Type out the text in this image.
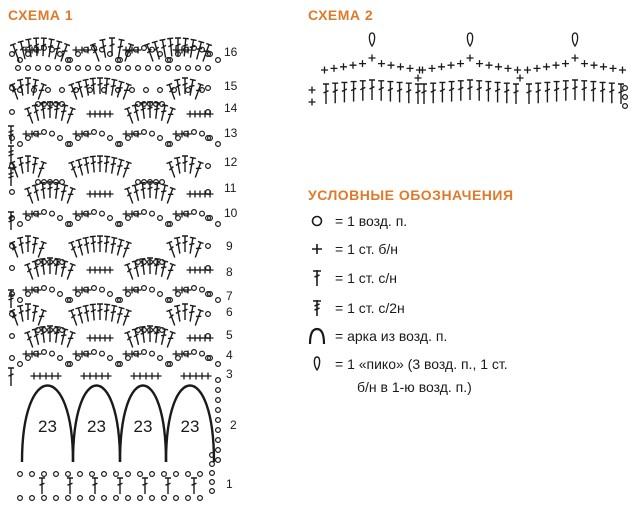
СХЕМА 1	СХЕМА 2
УСЛОВНЫЕ ОБОЗНАЧЕНИЯ
23 23 23 23
16
15
14
13
12
11
10
9
8
7
6
5
4
3
2
1
= 1 возд. п.
= 1 ст. б/н
= 1 ст. с/н
= 1 ст. с/2н
= арка из возд. п.
= 1 «пико» (3 возд. п., 1 ст.
б/н в 1-ю возд. п.)
